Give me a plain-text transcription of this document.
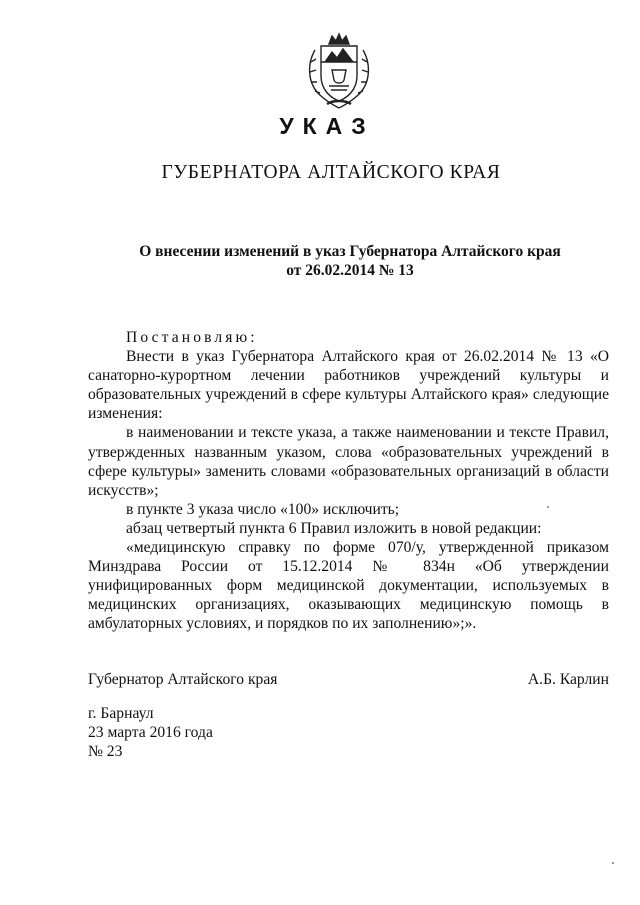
УКАЗ
ГУБЕРНАТОРА АЛТАЙСКОГО КРАЯ
О внесении изменений в указ Губернатора Алтайского края
от 26.02.2014 № 13

Постановляю:

Внести в указ Губернатора Алтайского края от 26.02.2014 № 13 «О санаторно-курортном лечении работников учреждений культуры и образовательных учреждений в сфере культуры Алтайского края» следующие изменения:

в наименовании и тексте указа, а также наименовании и тексте Правил, утвержденных названным указом, слова «образовательных учреждений в сфере культуры» заменить словами «образовательных организаций в области искусств»;

в пункте 3 указа число «100» исключить;

абзац четвертый пункта 6 Правил изложить в новой редакции:

«медицинскую справку по форме 070/у, утвержденной приказом Минздрава России от 15.12.2014 № 834н «Об утверждении унифицированных форм медицинской документации, используемых в медицинских организациях, оказывающих медицинскую помощь в амбулаторных условиях, и порядков по их заполнению»;».

Губернатор Алтайского края	А.Б. Карлин
г. Барнаул
23 марта 2016 года
№ 23
